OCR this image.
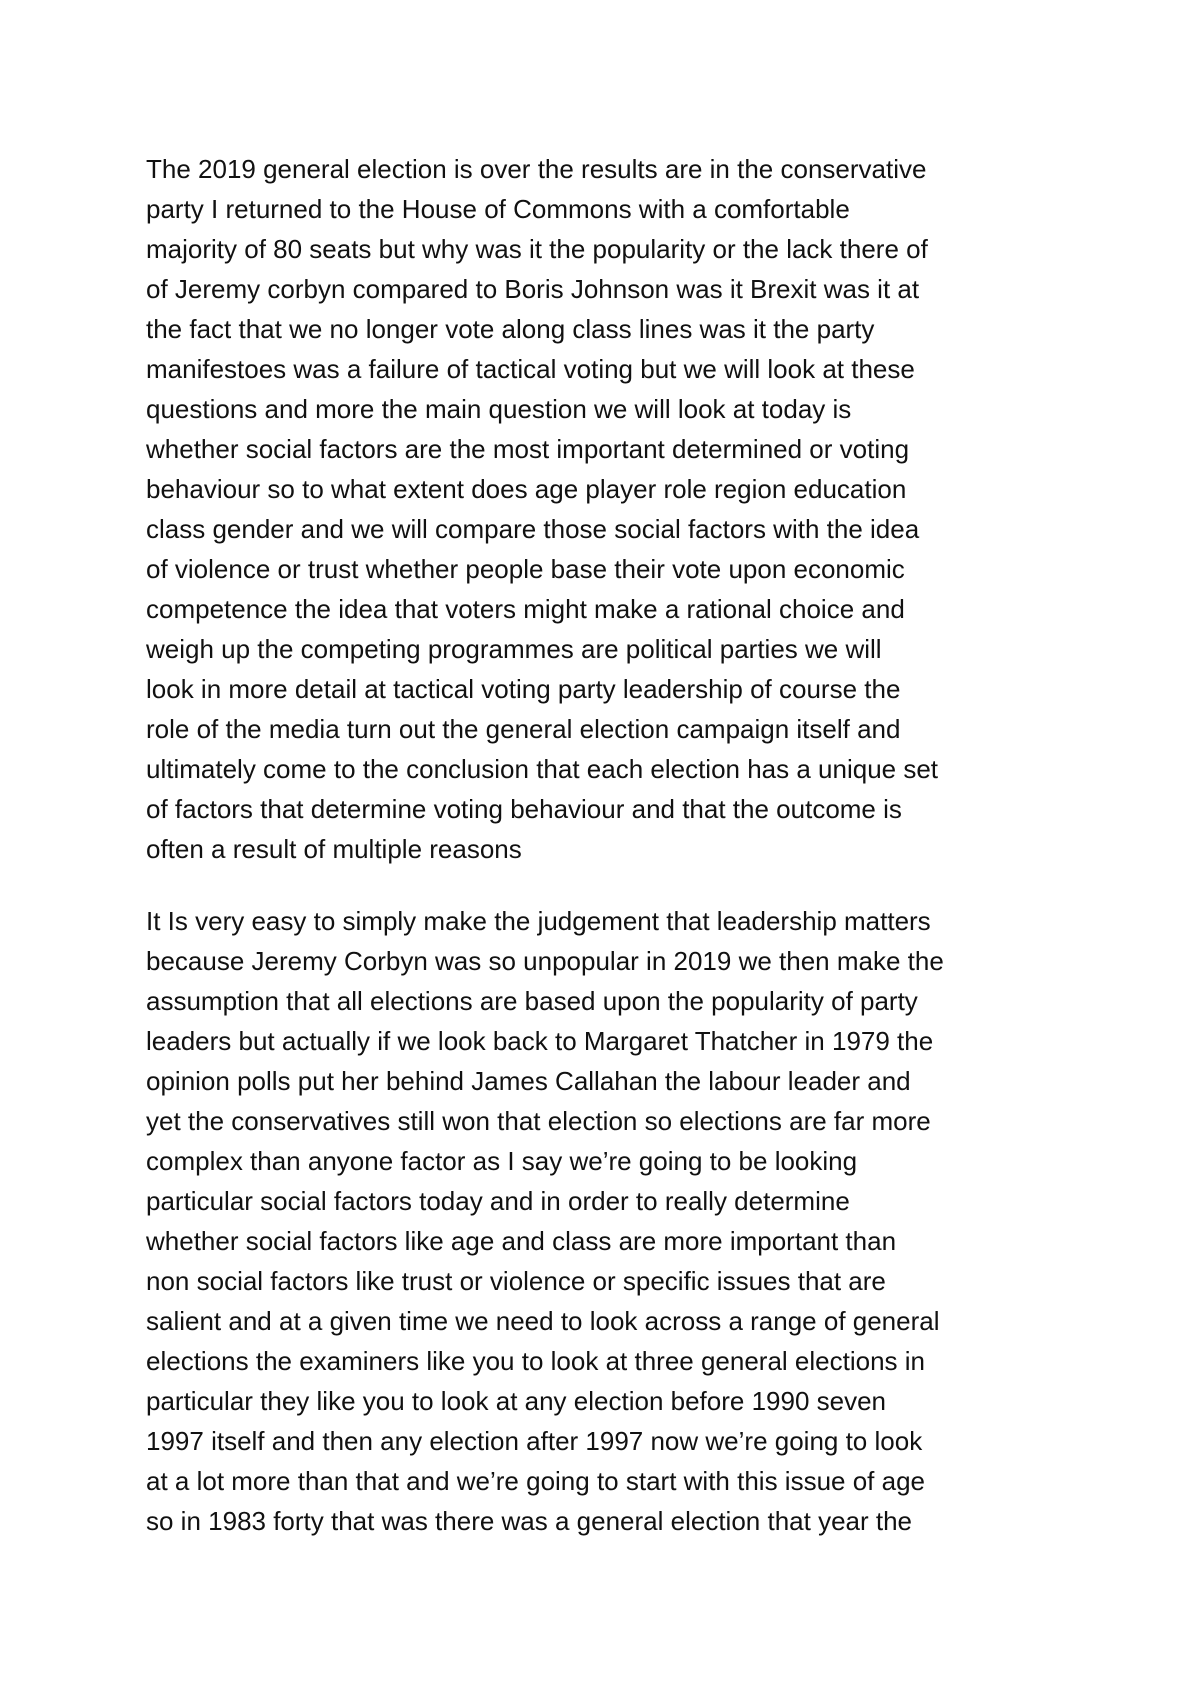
The 2019 general election is over the results are in the conservative
party I returned to the House of Commons with a comfortable
majority of 80 seats but why was it the popularity or the lack there of
of Jeremy corbyn compared to Boris Johnson was it Brexit was it at
the fact that we no longer vote along class lines was it the party
manifestoes was a failure of tactical voting but we will look at these
questions and more the main question we will look at today is
whether social factors are the most important determined or voting
behaviour so to what extent does age player role region education
class gender and we will compare those social factors with the idea
of violence or trust whether people base their vote upon economic
competence the idea that voters might make a rational choice and
weigh up the competing programmes are political parties we will
look in more detail at tactical voting party leadership of course the
role of the media turn out the general election campaign itself and
ultimately come to the conclusion that each election has a unique set
of factors that determine voting behaviour and that the outcome is
often a result of multiple reasons
It Is very easy to simply make the judgement that leadership matters
because Jeremy Corbyn was so unpopular in 2019 we then make the
assumption that all elections are based upon the popularity of party
leaders but actually if we look back to Margaret Thatcher in 1979 the
opinion polls put her behind James Callahan the labour leader and
yet the conservatives still won that election so elections are far more
complex than anyone factor as I say we’re going to be looking
particular social factors today and in order to really determine
whether social factors like age and class are more important than
non social factors like trust or violence or specific issues that are
salient and at a given time we need to look across a range of general
elections the examiners like you to look at three general elections in
particular they like you to look at any election before 1990 seven
1997 itself and then any election after 1997 now we’re going to look
at a lot more than that and we’re going to start with this issue of age
so in 1983 forty that was there was a general election that year the
